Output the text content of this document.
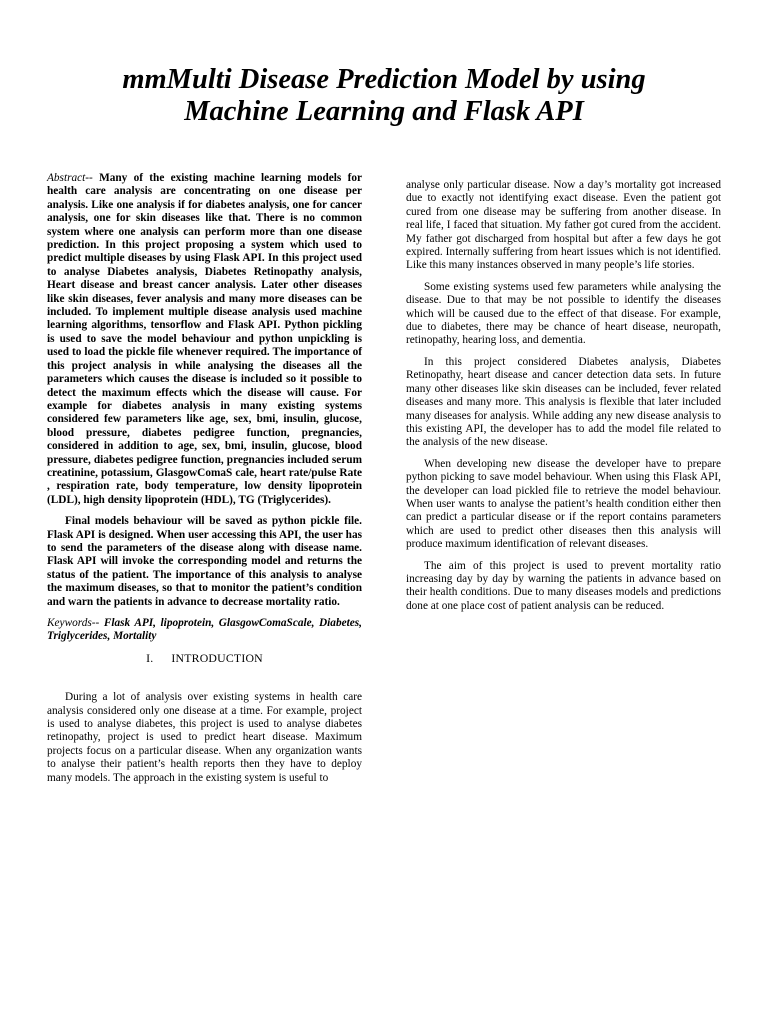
mmMulti Disease Prediction Model by using
Machine Learning and Flask API

Abstract-- Many of the existing machine learning models for health care analysis are concentrating on one disease per analysis. Like one analysis if for diabetes analysis, one for cancer analysis, one for skin diseases like that. There is no common system where one analysis can perform more than one disease prediction. In this project proposing a system which used to predict multiple diseases by using Flask API. In this project used to analyse Diabetes analysis, Diabetes Retinopathy analysis, Heart disease and breast cancer analysis. Later other diseases like skin diseases, fever analysis and many more diseases can be included. To implement multiple disease analysis used machine learning algorithms, tensorflow and Flask API. Python pickling is used to save the model behaviour and python unpickling is used to load the pickle file whenever required. The importance of this project analysis in while analysing the diseases all the parameters which causes the disease is included so it possible to detect the maximum effects which the disease will cause. For example for diabetes analysis in many existing systems considered few parameters like age, sex, bmi, insulin, glucose, blood pressure, diabetes pedigree function, pregnancies, considered in addition to age, sex, bmi, insulin, glucose, blood pressure, diabetes pedigree function, pregnancies included serum creatinine, potassium, GlasgowComaS cale, heart rate/pulse Rate , respiration rate, body temperature, low density lipoprotein (LDL), high density lipoprotein (HDL), TG (Triglycerides).

Final models behaviour will be saved as python pickle file. Flask API is designed. When user accessing this API, the user has to send the parameters of the disease along with disease name. Flask API will invoke the corresponding model and returns the status of the patient. The importance of this analysis to analyse the maximum diseases, so that to monitor the patient’s condition and warn the patients in advance to decrease mortality ratio.

Keywords-- Flask API, lipoprotein, GlasgowComaScale, Diabetes, Triglycerides, Mortality

I. INTRODUCTION

During a lot of analysis over existing systems in health care analysis considered only one disease at a time. For example, project is used to analyse diabetes, this project is used to analyse diabetes retinopathy, project is used to predict heart disease. Maximum projects focus on a particular disease. When any organization wants to analyse their patient’s health reports then they have to deploy many models. The approach in the existing system is useful to

analyse only particular disease. Now a day’s mortality got increased due to exactly not identifying exact disease. Even the patient got cured from one disease may be suffering from another disease. In real life, I faced that situation. My father got cured from the accident. My father got discharged from hospital but after a few days he got expired. Internally suffering from heart issues which is not identified. Like this many instances observed in many people’s life stories.

Some existing systems used few parameters while analysing the disease. Due to that may be not possible to identify the diseases which will be caused due to the effect of that disease. For example, due to diabetes, there may be chance of heart disease, neuropath, retinopathy, hearing loss, and dementia.

In this project considered Diabetes analysis, Diabetes Retinopathy, heart disease and cancer detection data sets. In future many other diseases like skin diseases can be included, fever related diseases and many more. This analysis is flexible that later included many diseases for analysis. While adding any new disease analysis to this existing API, the developer has to add the model file related to the analysis of the new disease.

When developing new disease the developer have to prepare python picking to save model behaviour. When using this Flask API, the developer can load pickled file to retrieve the model behaviour. When user wants to analyse the patient’s health condition either then can predict a particular disease or if the report contains parameters which are used to predict other diseases then this analysis will produce maximum identification of relevant diseases.

The aim of this project is used to prevent mortality ratio increasing day by day by warning the patients in advance based on their health conditions. Due to many diseases models and predictions done at one place cost of patient analysis can be reduced.
